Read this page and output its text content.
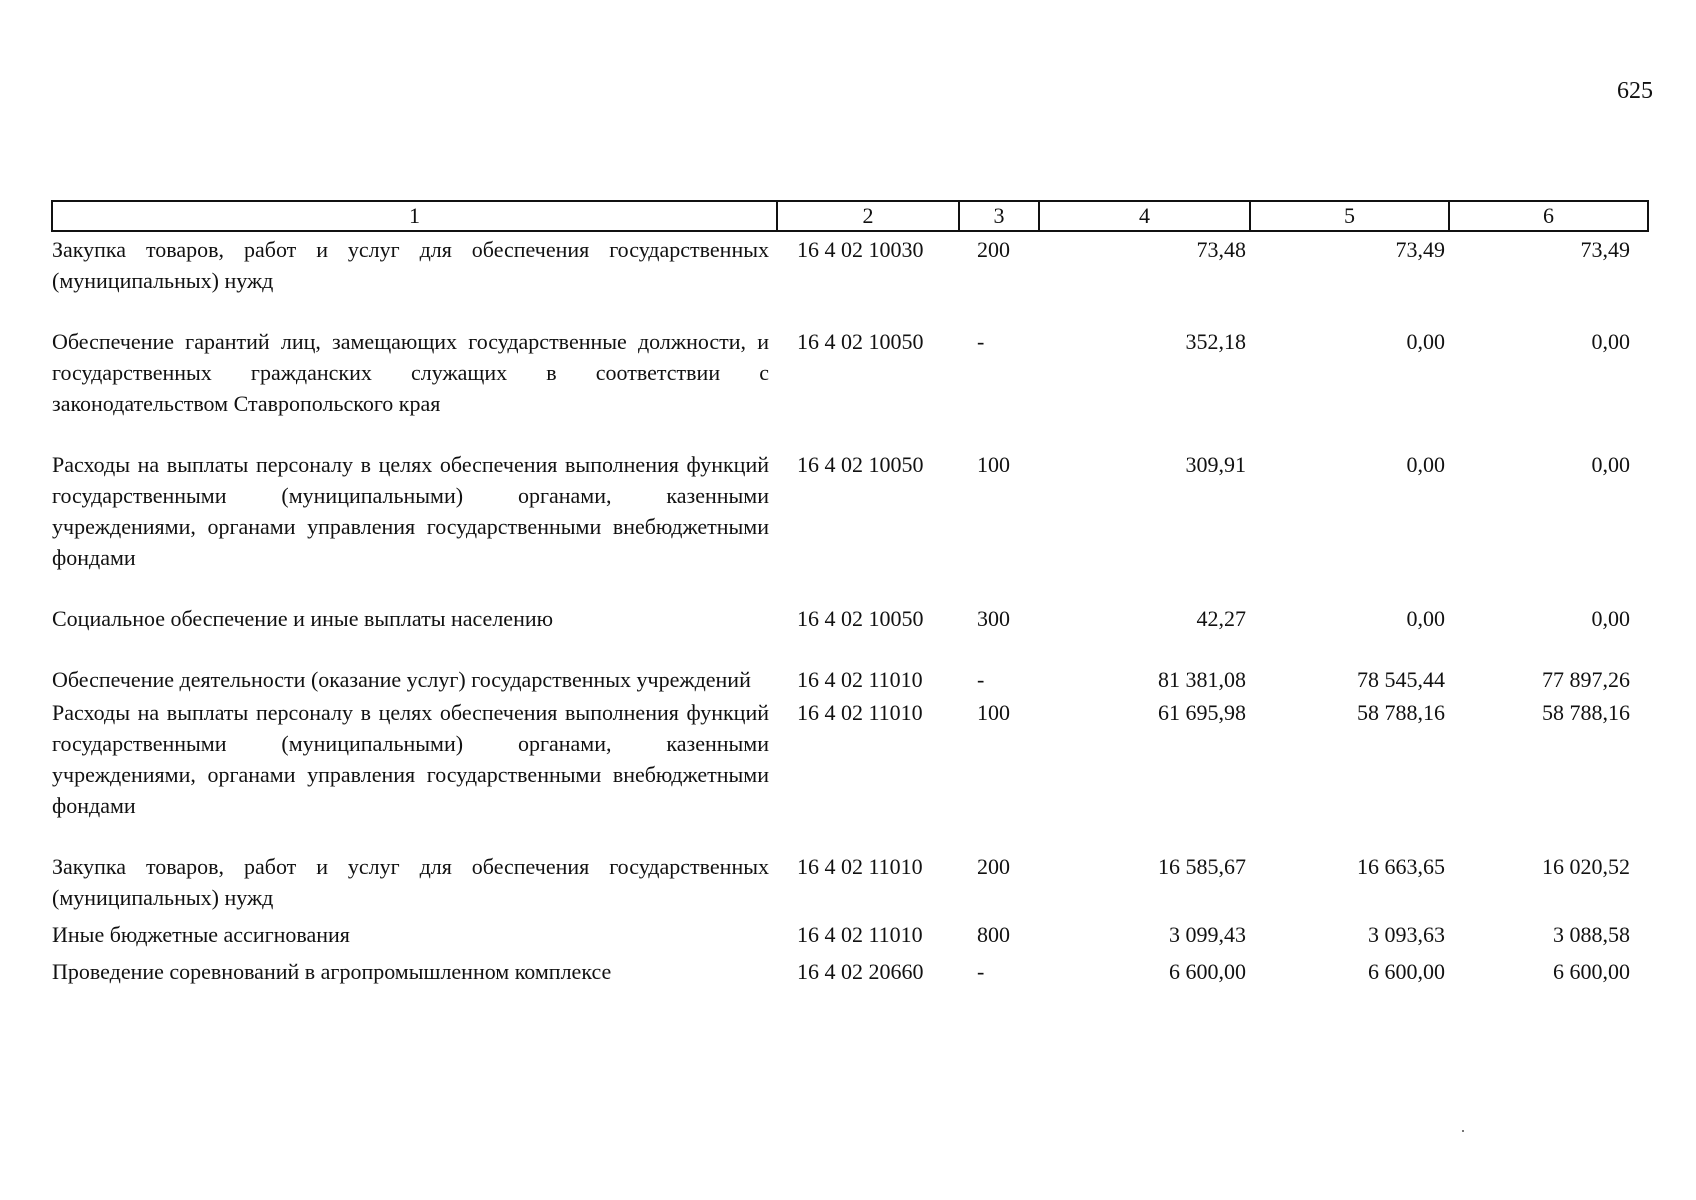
625
1	2	3	4	5	6
Закупка товаров, работ и услуг для обеспечения государственных (муниципальных) нужд	16 4 02 10030	200	73,48	73,49	73,49
Обеспечение гарантий лиц, замещающих государственные должности, и государственных гражданских служащих в соответствии с законодательством Ставропольского края	16 4 02 10050	-	352,18	0,00	0,00
Расходы на выплаты персоналу в целях обеспечения выполнения функций государственными (муниципальными) органами, казенными учреждениями, органами управления государственными внебюджетными фондами	16 4 02 10050	100	309,91	0,00	0,00
Социальное обеспечение и иные выплаты населению	16 4 02 10050	300	42,27	0,00	0,00
Обеспечение деятельности (оказание услуг) государственных учреждений	16 4 02 11010	-	81 381,08	78 545,44	77 897,26
Расходы на выплаты персоналу в целях обеспечения выполнения функций государственными (муниципальными) органами, казенными учреждениями, органами управления государственными внебюджетными фондами	16 4 02 11010	100	61 695,98	58 788,16	58 788,16
Закупка товаров, работ и услуг для обеспечения государственных (муниципальных) нужд	16 4 02 11010	200	16 585,67	16 663,65	16 020,52
Иные бюджетные ассигнования	16 4 02 11010	800	3 099,43	3 093,63	3 088,58
Проведение соревнований в агропромышленном комплексе	16 4 02 20660	-	6 600,00	6 600,00	6 600,00
